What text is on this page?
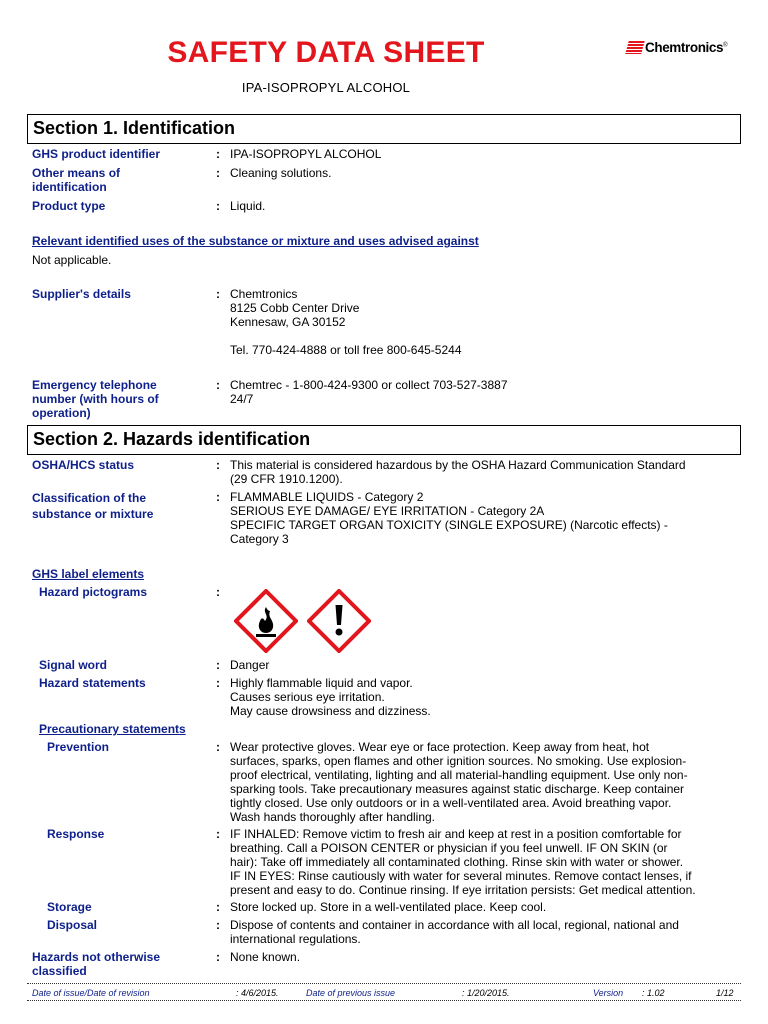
SAFETY DATA SHEET
IPA-ISOPROPYL ALCOHOL
Chemtronics®
Section 1. Identification
GHS product identifier	: IPA-ISOPROPYL ALCOHOL
Other means of
identification
: Cleaning solutions.
Product type	: Liquid.
Relevant identified uses of the substance or mixture and uses advised against
Not applicable.
Supplier's details	: Chemtronics
8125 Cobb Center Drive
Kennesaw, GA 30152

Tel. 770-424-4888 or toll free 800-645-5244
Emergency telephone
number (with hours of
operation)
: Chemtrec - 1-800-424-9300 or collect 703-527-3887
24/7
Section 2. Hazards identification
OSHA/HCS status	: This material is considered hazardous by the OSHA Hazard Communication Standard
(29 CFR 1910.1200).
Classification of the
substance or mixture
: FLAMMABLE LIQUIDS - Category 2
SERIOUS EYE DAMAGE/ EYE IRRITATION - Category 2A
SPECIFIC TARGET ORGAN TOXICITY (SINGLE EXPOSURE) (Narcotic effects) -
Category 3
GHS label elements
Hazard pictograms	:
Signal word	: Danger
Hazard statements	: Highly flammable liquid and vapor.
Causes serious eye irritation.
May cause drowsiness and dizziness.
Precautionary statements
Prevention	: Wear protective gloves. Wear eye or face protection. Keep away from heat, hot
surfaces, sparks, open flames and other ignition sources. No smoking. Use explosion-
proof electrical, ventilating, lighting and all material-handling equipment. Use only non-
sparking tools. Take precautionary measures against static discharge. Keep container
tightly closed. Use only outdoors or in a well-ventilated area. Avoid breathing vapor.
Wash hands thoroughly after handling.
Response	: IF INHALED: Remove victim to fresh air and keep at rest in a position comfortable for
breathing. Call a POISON CENTER or physician if you feel unwell. IF ON SKIN (or
hair): Take off immediately all contaminated clothing. Rinse skin with water or shower.
IF IN EYES: Rinse cautiously with water for several minutes. Remove contact lenses, if
present and easy to do. Continue rinsing. If eye irritation persists: Get medical attention.
Storage	: Store locked up. Store in a well-ventilated place. Keep cool.
Disposal	: Dispose of contents and container in accordance with all local, regional, national and
international regulations.
Hazards not otherwise
classified
: None known.
Date of issue/Date of revision	: 4/6/2015.	Date of previous issue	: 1/20/2015.	Version : 1.02	1/12
